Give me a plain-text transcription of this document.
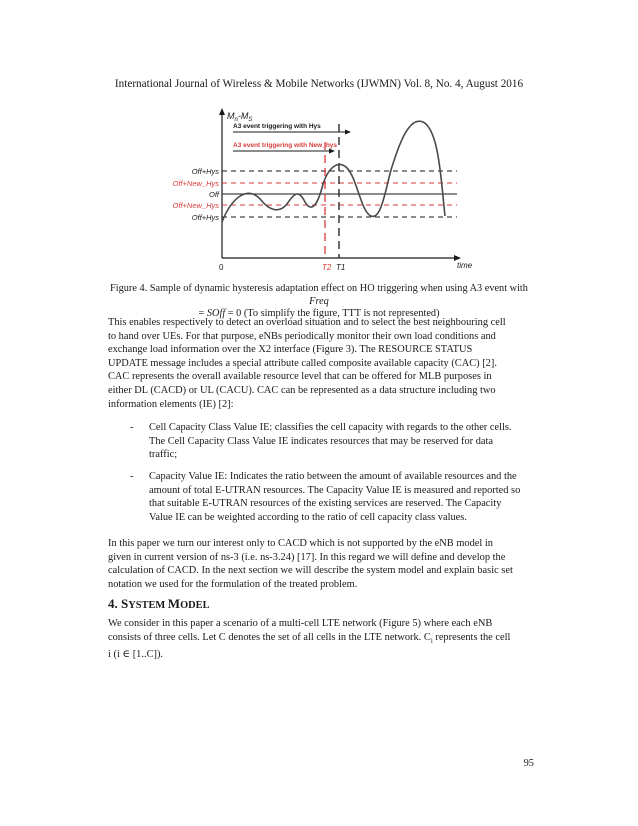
International Journal of Wireless & Mobile Networks (IJWMN) Vol. 8, No. 4, August 2016
$M_n-M_S$
time
0	T2 T1
Off+Hys
Off+New_Hys
Off
Off+New_Hys
Off+Hys
A3 event triggering with Hys
A3 event triggering with New_hys
Figure 4. Sample of dynamic hysteresis adaptation effect on HO triggering when using A3 event with Freq
= SOff = 0 (To simplify the figure, TTT is not represented)
This enables respectively to detect an overload situation and to select the best neighbouring cell
to hand over UEs. For that purpose, eNBs periodically monitor their own load conditions and
exchange load information over the X2 interface (Figure 3). The RESOURCE STATUS
UPDATE message includes a special attribute called composite available capacity (CAC) [2].
CAC represents the overall available resource level that can be offered for MLB purposes in
either DL (CACD) or UL (CACU). CAC can be represented as a data structure including two
information elements (IE) [2]:
- Cell Capacity Class Value IE: classifies the cell capacity with regards to the other cells.
The Cell Capacity Class Value IE indicates resources that may be reserved for data
traffic;
- Capacity Value IE: Indicates the ratio between the amount of available resources and the
amount of total E-UTRAN resources. The Capacity Value IE is measured and reported so
that suitable E-UTRAN resources of the existing services are reserved. The Capacity
Value IE can be weighted according to the ratio of cell capacity class values.
In this paper we turn our interest only to CACD which is not supported by the eNB model in
given in current version of ns-3 (i.e. ns-3.24) [17]. In this regard we will define and develop the
calculation of CACD. In the next section we will describe the system model and explain basic set
notation we used for the formulation of the treated problem.
4. SYSTEM MODEL
We consider in this paper a scenario of a multi-cell LTE network (Figure 5) where each eNB
consists of three cells. Let C denotes the set of all cells in the LTE network. $C_i$ represents the cell
i (i ∈ [1..C]).
95
